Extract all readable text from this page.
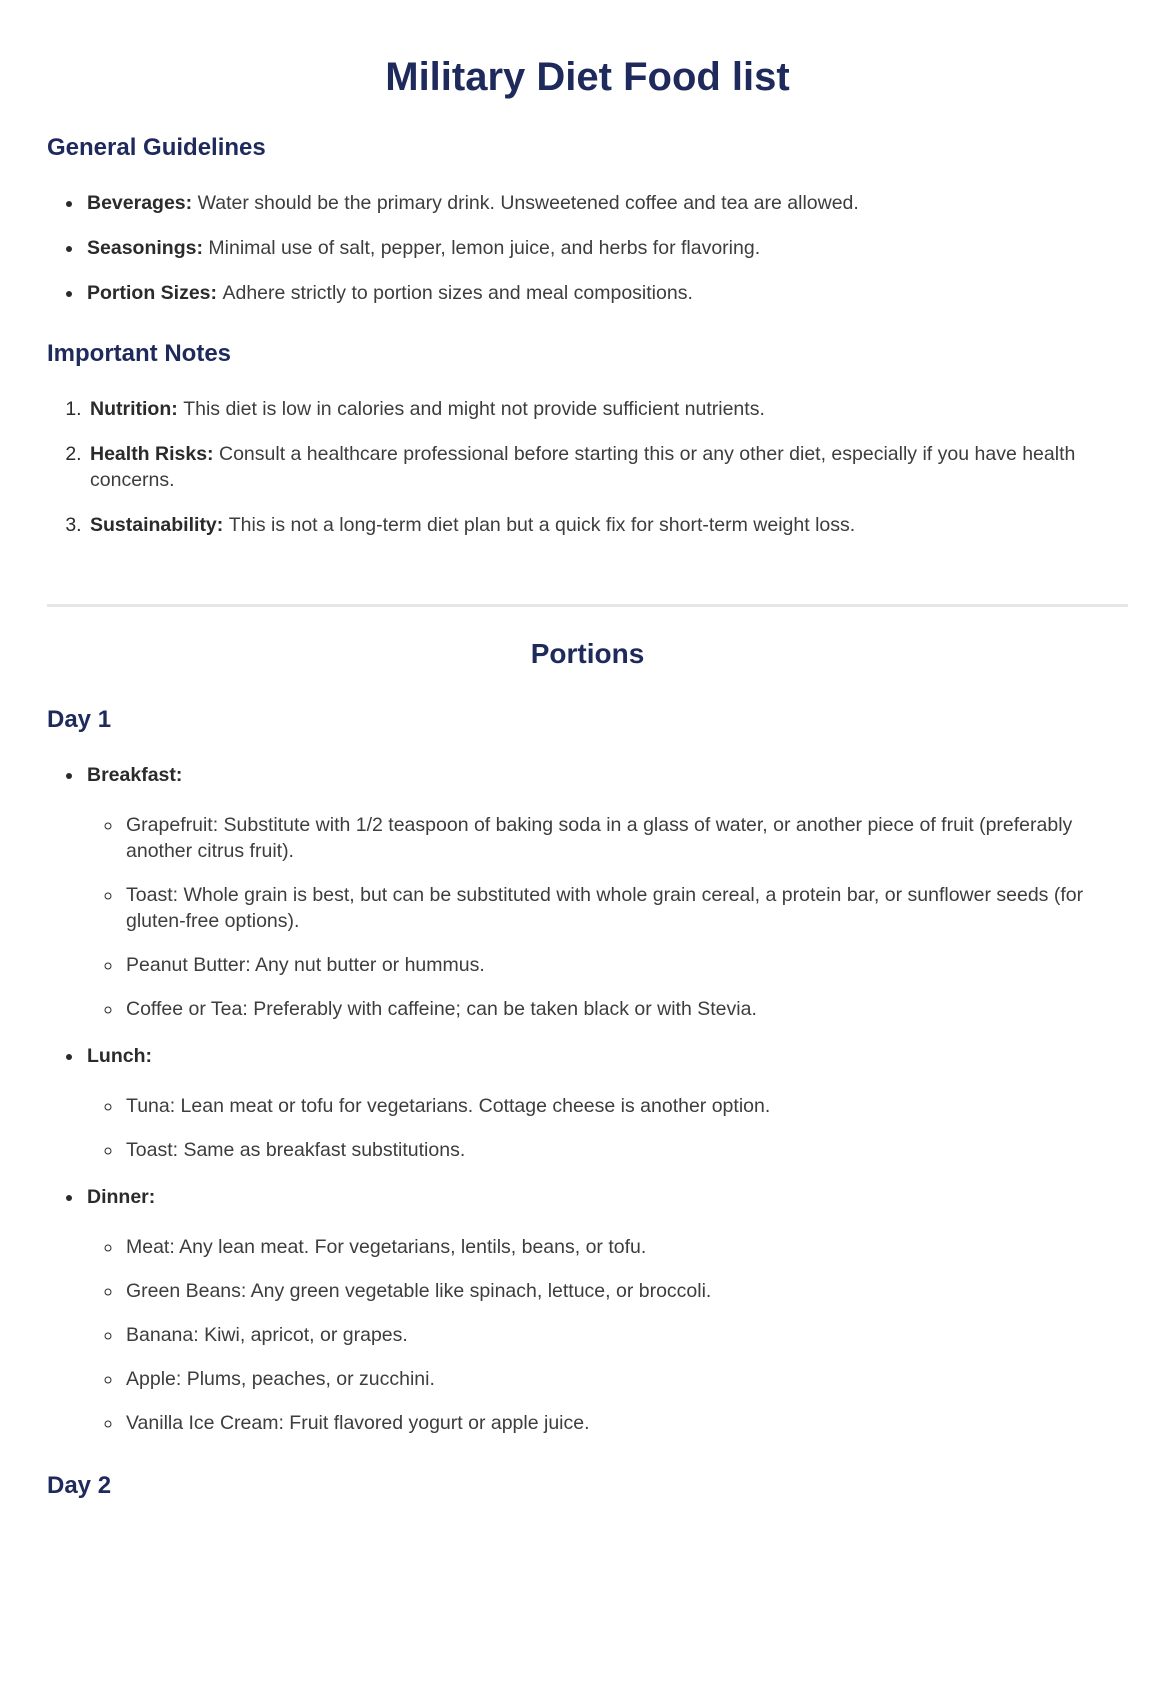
Military Diet Food list
General Guidelines
• Beverages: Water should be the primary drink. Unsweetened coffee and tea are allowed.
• Seasonings: Minimal use of salt, pepper, lemon juice, and herbs for flavoring.
• Portion Sizes: Adhere strictly to portion sizes and meal compositions.
Important Notes
1. Nutrition: This diet is low in calories and might not provide sufficient nutrients.
2. Health Risks: Consult a healthcare professional before starting this or any other diet, especially if you have health concerns.
3. Sustainability: This is not a long-term diet plan but a quick fix for short-term weight loss.
Portions
Day 1
• Breakfast:
◦ Grapefruit: Substitute with 1/2 teaspoon of baking soda in a glass of water, or another piece of fruit (preferably another citrus fruit).
◦ Toast: Whole grain is best, but can be substituted with whole grain cereal, a protein bar, or sunflower seeds (for gluten-free options).
◦ Peanut Butter: Any nut butter or hummus.
◦ Coffee or Tea: Preferably with caffeine; can be taken black or with Stevia.
• Lunch:
◦ Tuna: Lean meat or tofu for vegetarians. Cottage cheese is another option.
◦ Toast: Same as breakfast substitutions.
• Dinner:
◦ Meat: Any lean meat. For vegetarians, lentils, beans, or tofu.
◦ Green Beans: Any green vegetable like spinach, lettuce, or broccoli.
◦ Banana: Kiwi, apricot, or grapes.
◦ Apple: Plums, peaches, or zucchini.
◦ Vanilla Ice Cream: Fruit flavored yogurt or apple juice.
Day 2
